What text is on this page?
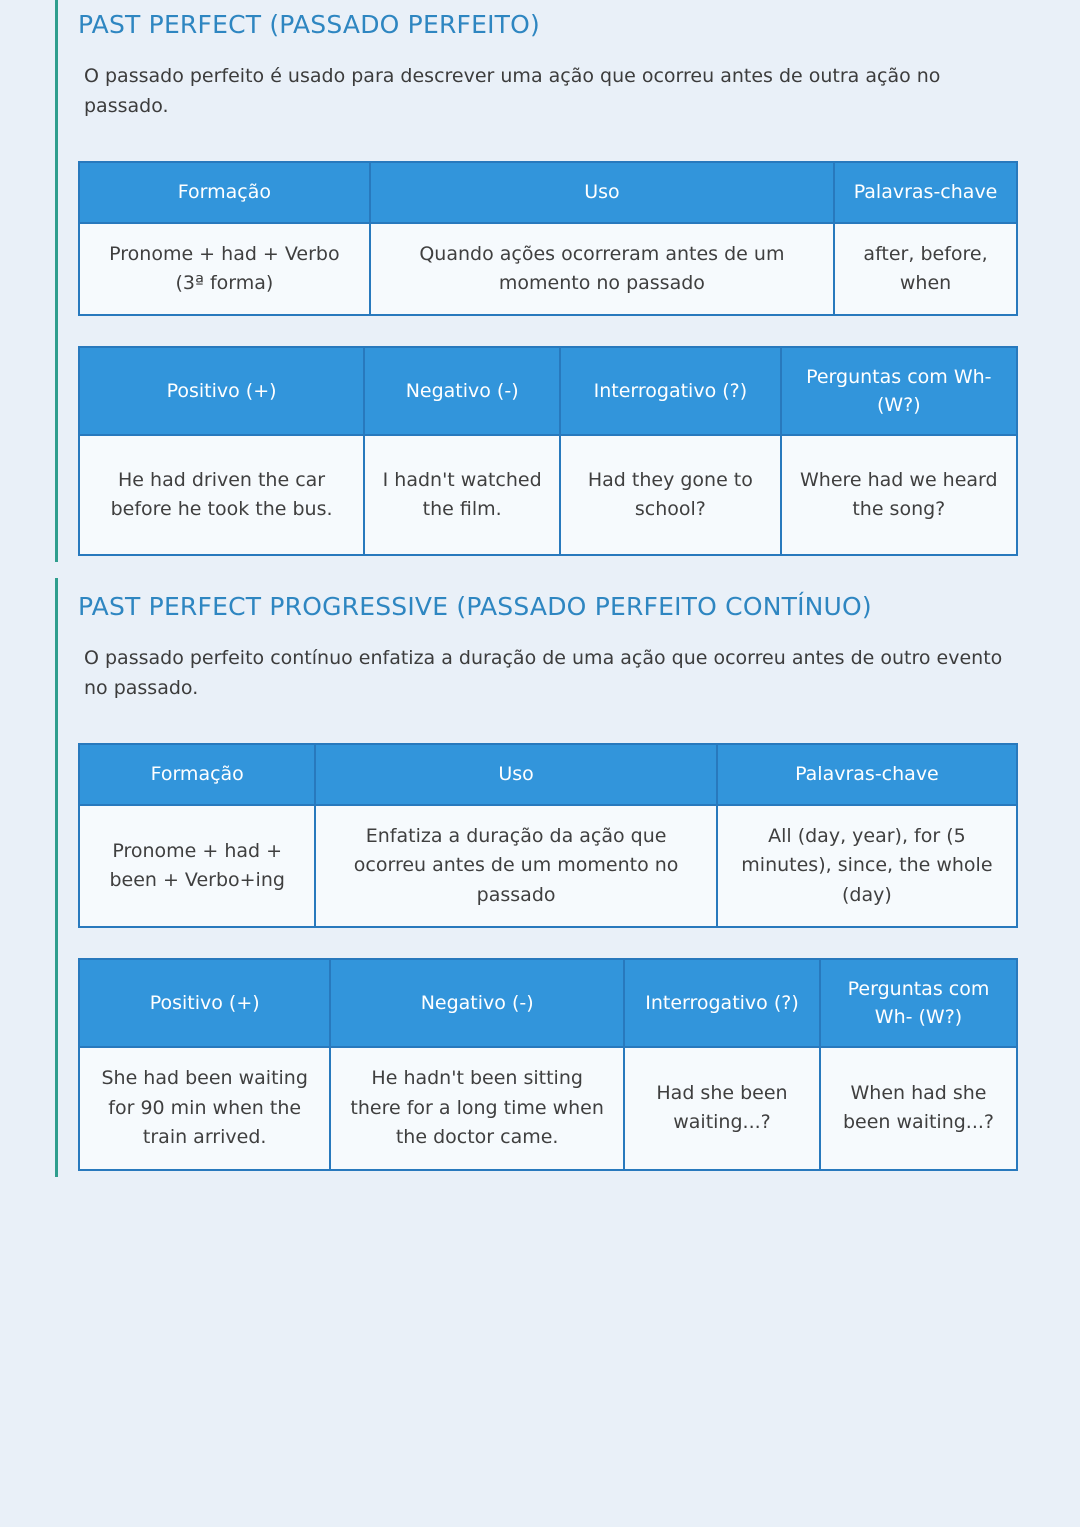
PAST PERFECT (PASSADO PERFEITO)

O passado perfeito é usado para descrever uma ação que ocorreu antes de outra ação no passado.

Formação	Uso	Palavras-chave
Pronome + had + Verbo (3ª forma)	Quando ações ocorreram antes de um momento no passado	after, before, when
Positivo (+)	Negativo (-)	Interrogativo (?)	Perguntas com Wh- (W?)
He had driven the car before he took the bus.	I hadn't watched the film.	Had they gone to school?	Where had we heard the song?
PAST PERFECT PROGRESSIVE (PASSADO PERFEITO CONTÍNUO)

O passado perfeito contínuo enfatiza a duração de uma ação que ocorreu antes de outro evento no passado.

Formação	Uso	Palavras-chave
Pronome + had + been + Verbo+ing	Enfatiza a duração da ação que ocorreu antes de um momento no passado	All (day, year), for (5 minutes), since, the whole (day)
Positivo (+)	Negativo (-)	Interrogativo (?)	Perguntas com Wh- (W?)
She had been waiting for 90 min when the train arrived.	He hadn't been sitting there for a long time when the doctor came.	Had she been waiting...?	When had she been waiting...?
